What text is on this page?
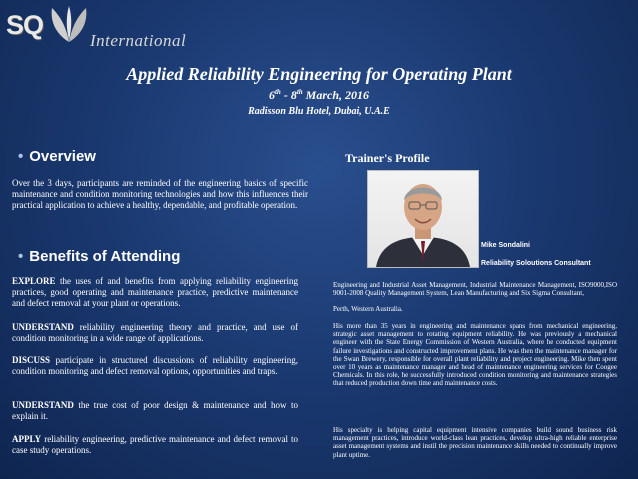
SQ
International
Applied Reliability Engineering for Operating Plant
6th - 8th March, 2016
Radisson Blu Hotel, Dubai, U.A.E
• Overview
Over the 3 days, participants are reminded of the engineering basics of specific maintenance and condition monitoring technologies and how this influences their practical application to achieve a healthy, dependable, and profitable operation.
• Benefits of Attending
EXPLORE the uses of and benefits from applying reliability engineering practices, good operating and maintenance practice, predictive maintenance and defect removal at your plant or operations.
UNDERSTAND reliability engineering theory and practice, and use of condition monitoring in a wide range of applications.
DISCUSS participate in structured discussions of reliability engineering, condition monitoring and defect removal options, opportunities and traps.
UNDERSTAND the true cost of poor design & maintenance and how to explain it.
APPLY reliability engineering, predictive maintenance and defect removal to case study operations.
Trainer's Profile
Mike Sondalini
Reliability Soloutions Consultant
Engineering and Industrial Asset Management, Industrial Maintenance Management, ISO9000,ISO 9001-2008 Quality Management System, Lean Manufacturing and Six Sigma Consultant,
Perth, Western Australia.
His more than 35 years in engineering and maintenance spans from mechanical engineering, strategic asset management to rotating equipment reliability. He was previously a mechanical engineer with the State Energy Commission of Western Australia, where he conducted equipment failure investigations and constructed improvement plans. He was then the maintenance manager for the Swan Brewery, responsible for overall plant reliability and project engineering. Mike then spent over 10 years as maintenance manager and head of maintenance engineering services for Coogee Chemicals. In this role, he successfully introduced condition monitoring and maintenance strategies that reduced production down time and maintenance costs.
His specialty is helping capital equipment intensive companies build sound business risk management practices, introduce world-class lean practices, develop ultra-high reliable enterprise asset management systems and instil the precision maintenance skills needed to continually improve plant uptime.
